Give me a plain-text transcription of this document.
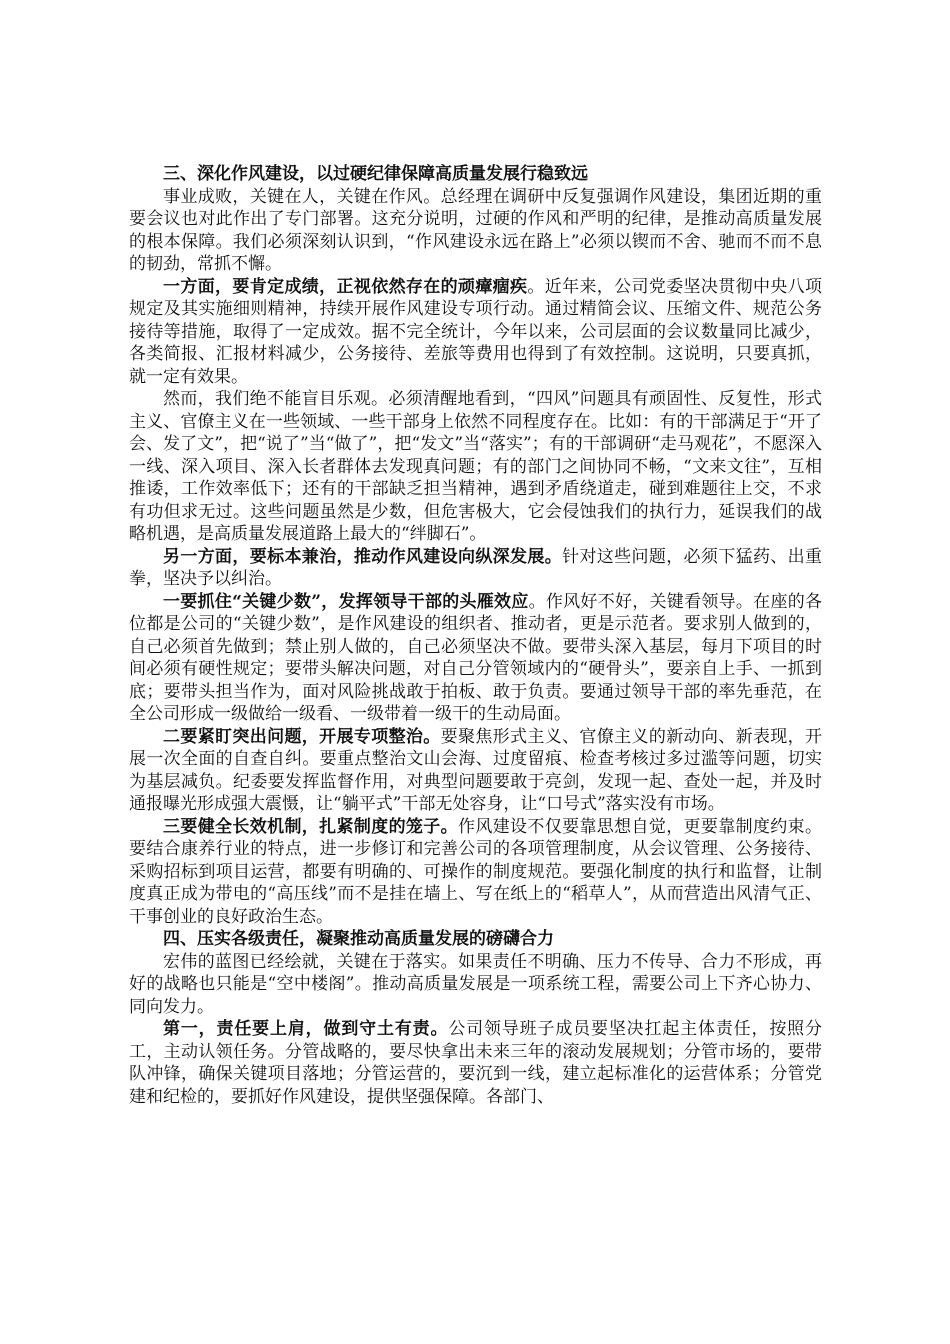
三、深化作风建设，以过硬纪律保障高质量发展行稳致远

事业成败，关键在人，关键在作风。总经理在调研中反复强调作风建设，集团近期的重要会议也对此作出了专门部署。这充分说明，过硬的作风和严明的纪律，是推动高质量发展的根本保障。我们必须深刻认识到，“作风建设永远在路上”必须以锲而不舍、驰而不而不息的韧劲，常抓不懈。

一方面，要肯定成绩，正视依然存在的顽瘴痼疾。近年来，公司党委坚决贯彻中央八项规定及其实施细则精神，持续开展作风建设专项行动。通过精简会议、压缩文件、规范公务接待等措施，取得了一定成效。据不完全统计，今年以来，公司层面的会议数量同比减少，各类简报、汇报材料减少，公务接待、差旅等费用也得到了有效控制。这说明，只要真抓，就一定有效果。

然而，我们绝不能盲目乐观。必须清醒地看到，“四风”问题具有顽固性、反复性，形式主义、官僚主义在一些领域、一些干部身上依然不同程度存在。比如：有的干部满足于“开了会、发了文”，把“说了”当“做了”，把“发文”当“落实”；有的干部调研“走马观花”，不愿深入一线、深入项目、深入长者群体去发现真问题；有的部门之间协同不畅，“文来文往”，互相推诿，工作效率低下；还有的干部缺乏担当精神，遇到矛盾绕道走，碰到难题往上交，不求有功但求无过。这些问题虽然是少数，但危害极大，它会侵蚀我们的执行力，延误我们的战略机遇，是高质量发展道路上最大的“绊脚石”。

另一方面，要标本兼治，推动作风建设向纵深发展。针对这些问题，必须下猛药、出重拳，坚决予以纠治。

一要抓住“关键少数”，发挥领导干部的头雁效应。作风好不好，关键看领导。在座的各位都是公司的“关键少数”，是作风建设的组织者、推动者，更是示范者。要求别人做到的，自己必须首先做到；禁止别人做的，自己必须坚决不做。要带头深入基层，每月下项目的时间必须有硬性规定；要带头解决问题，对自己分管领域内的“硬骨头”，要亲自上手、一抓到底；要带头担当作为，面对风险挑战敢于拍板、敢于负责。要通过领导干部的率先垂范，在全公司形成一级做给一级看、一级带着一级干的生动局面。

二要紧盯突出问题，开展专项整治。要聚焦形式主义、官僚主义的新动向、新表现，开展一次全面的自查自纠。要重点整治文山会海、过度留痕、检查考核过多过滥等问题，切实为基层减负。纪委要发挥监督作用，对典型问题要敢于亮剑，发现一起、查处一起，并及时通报曝光形成强大震慑，让“躺平式”干部无处容身，让“口号式”落实没有市场。

三要健全长效机制，扎紧制度的笼子。作风建设不仅要靠思想自觉，更要靠制度约束。要结合康养行业的特点，进一步修订和完善公司的各项管理制度，从会议管理、公务接待、采购招标到项目运营，都要有明确的、可操作的制度规范。要强化制度的执行和监督，让制度真正成为带电的“高压线”而不是挂在墙上、写在纸上的“稻草人”，从而营造出风清气正、干事创业的良好政治生态。

四、压实各级责任，凝聚推动高质量发展的磅礴合力

宏伟的蓝图已经绘就，关键在于落实。如果责任不明确、压力不传导、合力不形成，再好的战略也只能是“空中楼阁”。推动高质量发展是一项系统工程，需要公司上下齐心协力、同向发力。

第一，责任要上肩，做到守土有责。公司领导班子成员要坚决扛起主体责任，按照分工，主动认领任务。分管战略的，要尽快拿出未来三年的滚动发展规划；分管市场的，要带队冲锋，确保关键项目落地；分管运营的，要沉到一线，建立起标准化的运营体系；分管党建和纪检的，要抓好作风建设，提供坚强保障。各部门、
